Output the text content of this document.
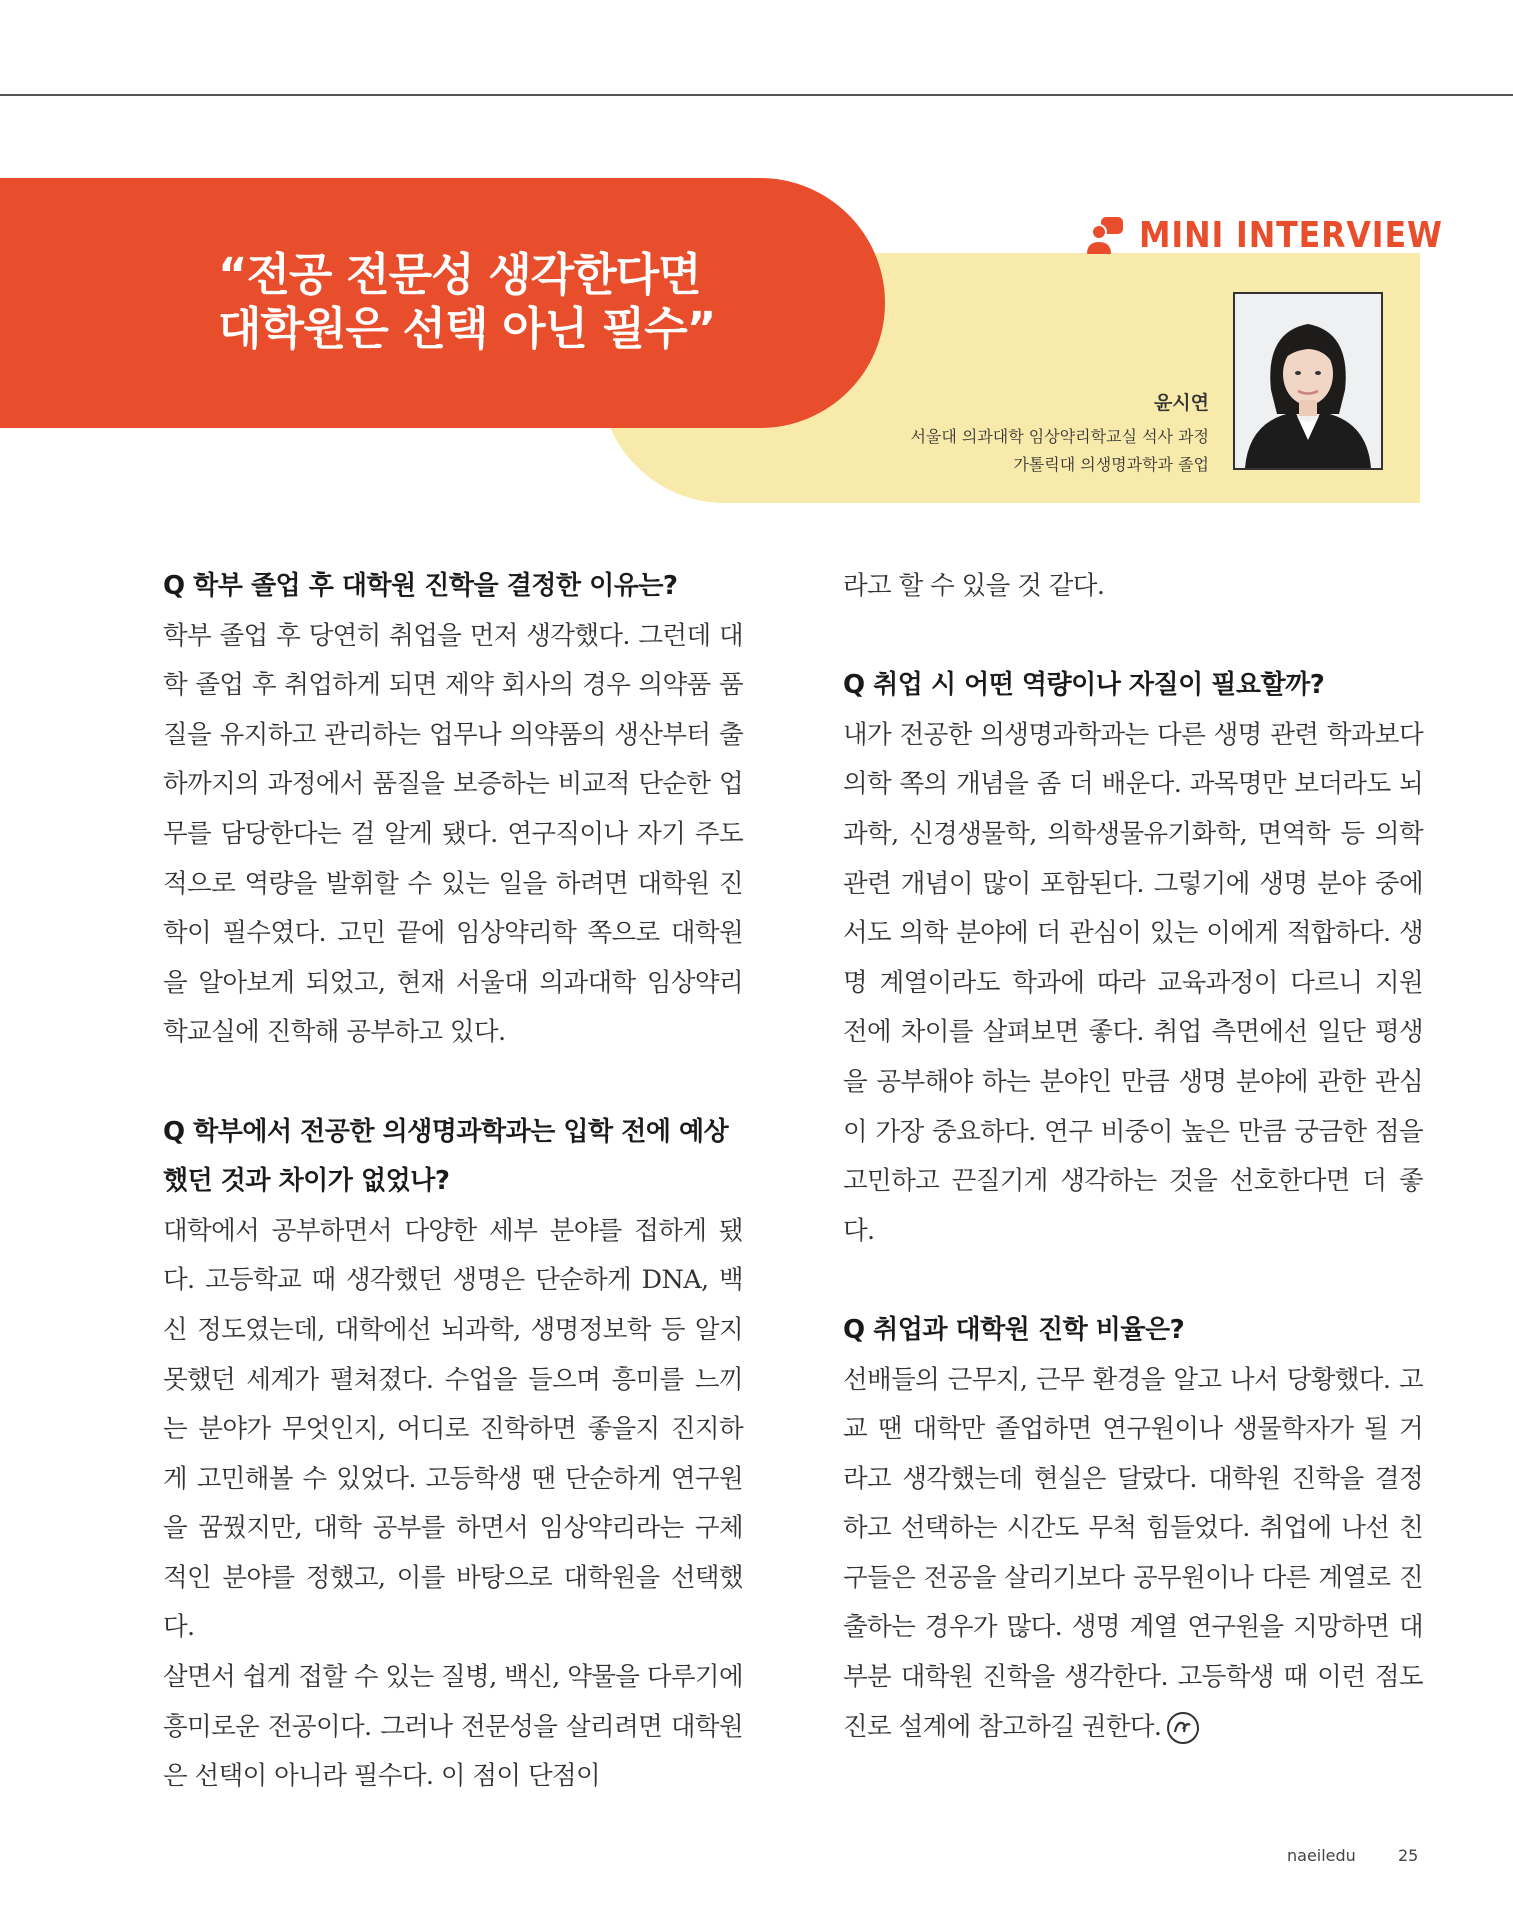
“전공 전문성 생각한다면
대학원은 선택 아닌 필수”
MINI INTERVIEW
윤시연
서울대 의과대학 임상약리학교실 석사 과정
가톨릭대 의생명과학과 졸업
Q 학부 졸업 후 대학원 진학을 결정한 이유는?
학부 졸업 후 당연히 취업을 먼저 생각했다. 그런데 대학 졸업 후 취업하게 되면 제약 회사의 경우 의약품 품질을 유지하고 관리하는 업무나 의약품의 생산부터 출하까지의 과정에서 품질을 보증하는 비교적 단순한 업무를 담당한다는 걸 알게 됐다. 연구직이나 자기 주도적으로 역량을 발휘할 수 있는 일을 하려면 대학원 진학이 필수였다. 고민 끝에 임상약리학 쪽으로 대학원을 알아보게 되었고, 현재 서울대 의과대학 임상약리학교실에 진학해 공부하고 있다.
Q 학부에서 전공한 의생명과학과는 입학 전에 예상했던 것과 차이가 없었나?
대학에서 공부하면서 다양한 세부 분야를 접하게 됐다. 고등학교 때 생각했던 생명은 단순하게 DNA, 백신 정도였는데, 대학에선 뇌과학, 생명정보학 등 알지 못했던 세계가 펼쳐졌다. 수업을 들으며 흥미를 느끼는 분야가 무엇인지, 어디로 진학하면 좋을지 진지하게 고민해볼 수 있었다. 고등학생 땐 단순하게 연구원을 꿈꿨지만, 대학 공부를 하면서 임상약리라는 구체적인 분야를 정했고, 이를 바탕으로 대학원을 선택했다.
살면서 쉽게 접할 수 있는 질병, 백신, 약물을 다루기에 흥미로운 전공이다. 그러나 전문성을 살리려면 대학원은 선택이 아니라 필수다. 이 점이 단점이
라고 할 수 있을 것 같다.
Q 취업 시 어떤 역량이나 자질이 필요할까?
내가 전공한 의생명과학과는 다른 생명 관련 학과보다 의학 쪽의 개념을 좀 더 배운다. 과목명만 보더라도 뇌과학, 신경생물학, 의학생물유기화학, 면역학 등 의학 관련 개념이 많이 포함된다. 그렇기에 생명 분야 중에서도 의학 분야에 더 관심이 있는 이에게 적합하다. 생명 계열이라도 학과에 따라 교육과정이 다르니 지원 전에 차이를 살펴보면 좋다. 취업 측면에선 일단 평생을 공부해야 하는 분야인 만큼 생명 분야에 관한 관심이 가장 중요하다. 연구 비중이 높은 만큼 궁금한 점을 고민하고 끈질기게 생각하는 것을 선호한다면 더 좋다.
Q 취업과 대학원 진학 비율은?
선배들의 근무지, 근무 환경을 알고 나서 당황했다. 고교 땐 대학만 졸업하면 연구원이나 생물학자가 될 거라고 생각했는데 현실은 달랐다. 대학원 진학을 결정하고 선택하는 시간도 무척 힘들었다. 취업에 나선 친구들은 전공을 살리기보다 공무원이나 다른 계열로 진출하는 경우가 많다. 생명 계열 연구원을 지망하면 대부분 대학원 진학을 생각한다. 고등학생 때 이런 점도 진로 설계에 참고하길 권한다.
naeiledu	25
